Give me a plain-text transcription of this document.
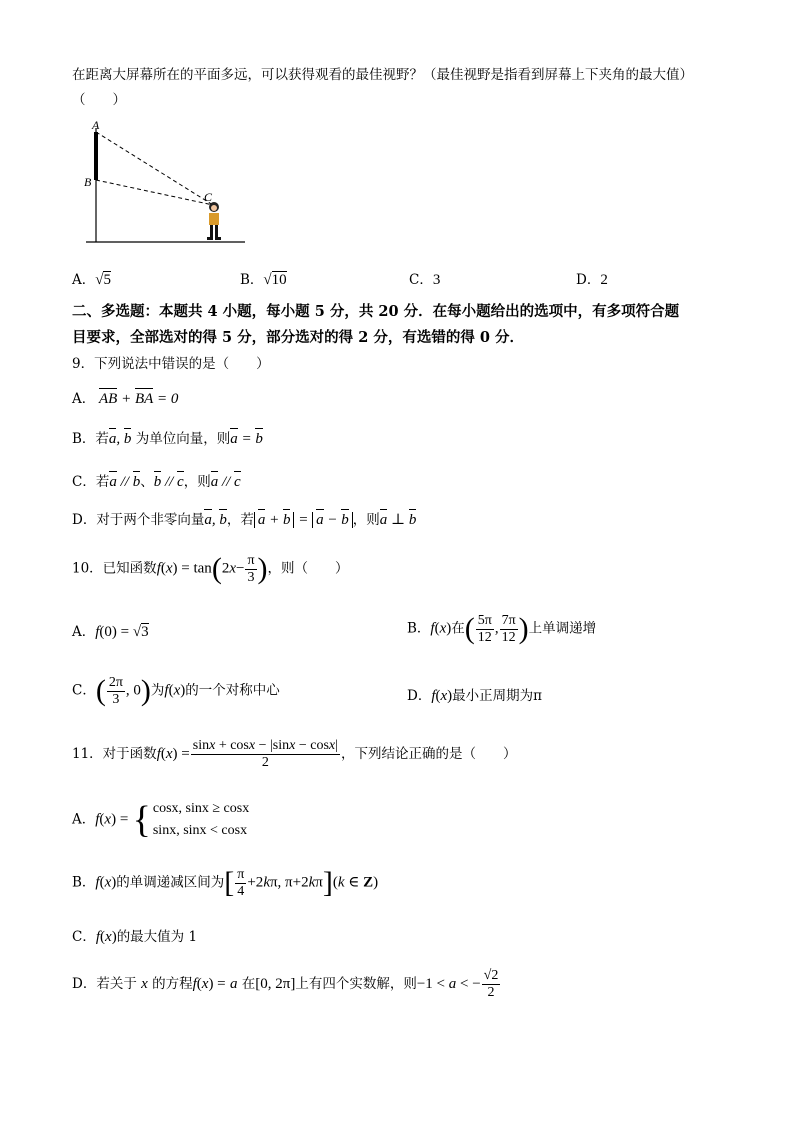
在距离大屏幕所在的平面多远，可以获得观看的最佳视野？（最佳视野是指看到屏幕上下夹角的最大值）
（　　）
A
B
C
A．√5	B．√10	C．3	D．2
二、多选题：本题共 4 小题，每小题 5 分，共 20 分．在每小题给出的选项中，有多项符合题
目要求，全部选对的得 5 分，部分选对的得 2 分，有选错的得 0 分．
9．下列说法中错误的是（　　）
A． AB + BA = 0
B．若a, b 为单位向量，则a = b
C．若a // b、b // c，则a // c
D．对于两个非零向量a, b，若 a + b = a − b ，则a ⊥ b
10．已知函数$f(x) = \tan(2x- \frac{\pi}{3}$ )，则（　　）
A．f(0) = √3	B．f(x)在( $\frac{5\pi}{12}$ , $\frac{7\pi}{12}$ )上单调递增
C．( $\frac{2\pi}{3}$ , 0)为f(x)的一个对称中心	D．f(x)最小正周期为π
11．对于函数$f(x) = \frac{\sin x + \cos x - |\sin x - \cos x|}{2}$ ，下列结论正确的是（　　）
A．f(x) = { cosx, sinx ≥ cosx
sinx, sinx < cosx
B．f(x)的单调递减区间为[ $\frac{\pi}{4} +2k\pi$, π+2kπ](k ∈ Z)
C．f(x)的最大值为 1
D．若关于 x 的方程f(x) = a 在[0, 2π]上有四个实数解，则−1 < a < − $\frac{√2}{2}$
